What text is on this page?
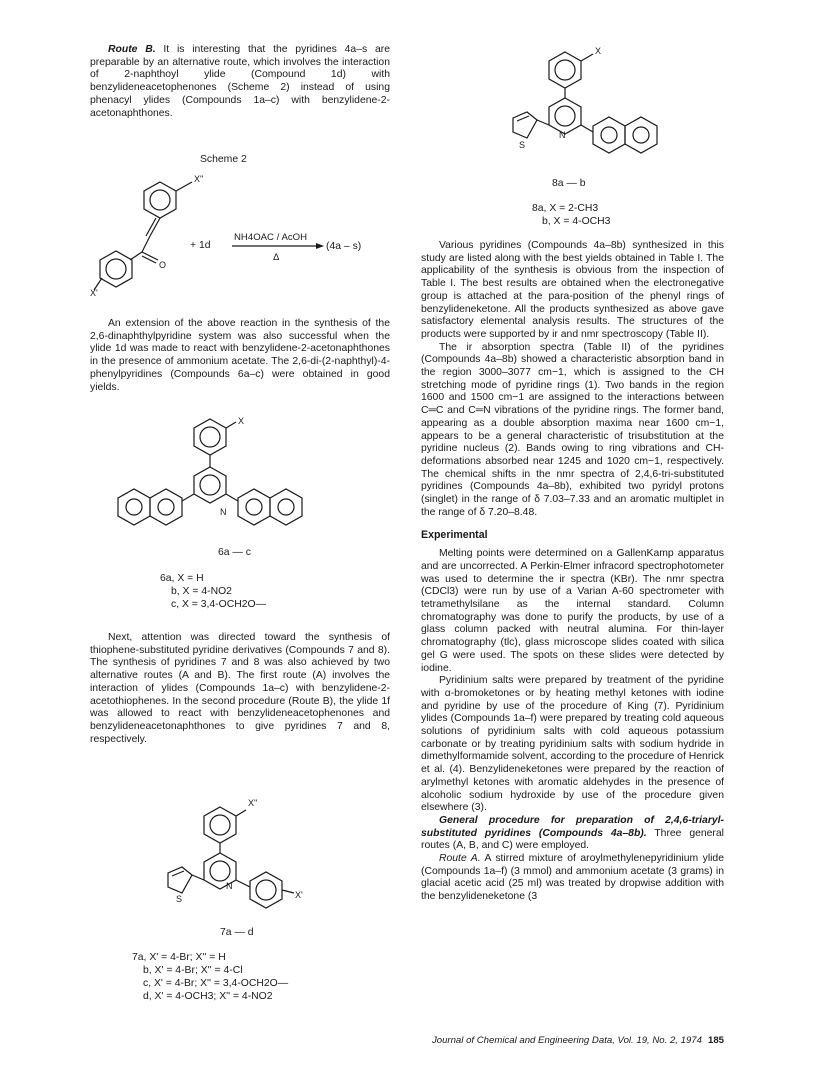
Route B. It is interesting that the pyridines 4a–s are preparable by an alternative route, which involves the interaction of 2-naphthoyl ylide (Compound 1d) with benzylideneacetophenones (Scheme 2) instead of using phenacyl ylides (Compounds 1a–c) with benzylidene-2-acetonaphthones.

Scheme 2
X''
O
X'
+ 1d
NH4OAC / AcOH
Δ
(4a – s)

An extension of the above reaction in the synthesis of the 2,6-dinaphthylpyridine system was also successful when the ylide 1d was made to react with benzylidene-2-acetonaphthones in the presence of ammonium acetate. The 2,6-di-(2-naphthyl)-4-phenylpyridines (Compounds 6a–c) were obtained in good yields.

X
N
6a — c
6a, X = H
b, X = 4-NO2
c, X = 3,4-OCH2O—

Next, attention was directed toward the synthesis of thiophene-substituted pyridine derivatives (Compounds 7 and 8). The synthesis of pyridines 7 and 8 was also achieved by two alternative routes (A and B). The first route (A) involves the interaction of ylides (Compounds 1a–c) with benzylidene-2-acetothiophenes. In the second procedure (Route B), the ylide 1f was allowed to react with benzylideneacetophenones and benzylideneacetonaphthones to give pyridines 7 and 8, respectively.

X''
N
S	X'
7a — d
7a, X' = 4-Br; X'' = H
b, X' = 4-Br; X'' = 4-Cl
c, X' = 4-Br; X'' = 3,4-OCH2O—
d, X' = 4-OCH3; X'' = 4-NO2
X
N
S
8a — b
8a, X = 2-CH3
b, X = 4-OCH3

Various pyridines (Compounds 4a–8b) synthesized in this study are listed along with the best yields obtained in Table I. The applicability of the synthesis is obvious from the inspection of Table I. The best results are obtained when the electronegative group is attached at the para-position of the phenyl rings of benzylideneketone. All the products synthesized as above gave satisfactory elemental analysis results. The structures of the products were supported by ir and nmr spectroscopy (Table II).

The ir absorption spectra (Table II) of the pyridines (Compounds 4a–8b) showed a characteristic absorption band in the region 3000–3077 cm−1, which is assigned to the CH stretching mode of pyridine rings (1). Two bands in the region 1600 and 1500 cm−1 are assigned to the interactions between C═C and C═N vibrations of the pyridine rings. The former band, appearing as a double absorption maxima near 1600 cm−1, appears to be a general characteristic of trisubstitution at the pyridine nucleus (2). Bands owing to ring vibrations and CH-deformations absorbed near 1245 and 1020 cm−1, respectively. The chemical shifts in the nmr spectra of 2,4,6-tri-substituted pyridines (Compounds 4a–8b), exhibited two pyridyl protons (singlet) in the range of δ 7.03–7.33 and an aromatic multiplet in the range of δ 7.20–8.48.

Experimental

Melting points were determined on a GallenKamp apparatus and are uncorrected. A Perkin-Elmer infracord spectrophotometer was used to determine the ir spectra (KBr). The nmr spectra (CDCl3) were run by use of a Varian A-60 spectrometer with tetramethylsilane as the internal standard. Column chromatography was done to purify the products, by use of a glass column packed with neutral alumina. For thin-layer chromatography (tlc), glass microscope slides coated with silica gel G were used. The spots on these slides were detected by iodine.

Pyridinium salts were prepared by treatment of the pyridine with α-bromoketones or by heating methyl ketones with iodine and pyridine by use of the procedure of King (7). Pyridinium ylides (Compounds 1a–f) were prepared by treating cold aqueous solutions of pyridinium salts with cold aqueous potassium carbonate or by treating pyridinium salts with sodium hydride in dimethylformamide solvent, according to the procedure of Henrick et al. (4). Benzylideneketones were prepared by the reaction of arylmethyl ketones with aromatic aldehydes in the presence of alcoholic sodium hydroxide by use of the procedure given elsewhere (3).

General procedure for preparation of 2,4,6-triaryl-substituted pyridines (Compounds 4a–8b). Three general routes (A, B, and C) were employed.

Route A. A stirred mixture of aroylmethylenepyridinium ylide (Compounds 1a–f) (3 mmol) and ammonium acetate (3 grams) in glacial acetic acid (25 ml) was treated by dropwise addition with the benzylideneketone (3

Journal of Chemical and Engineering Data, Vol. 19, No. 2, 1974 185
